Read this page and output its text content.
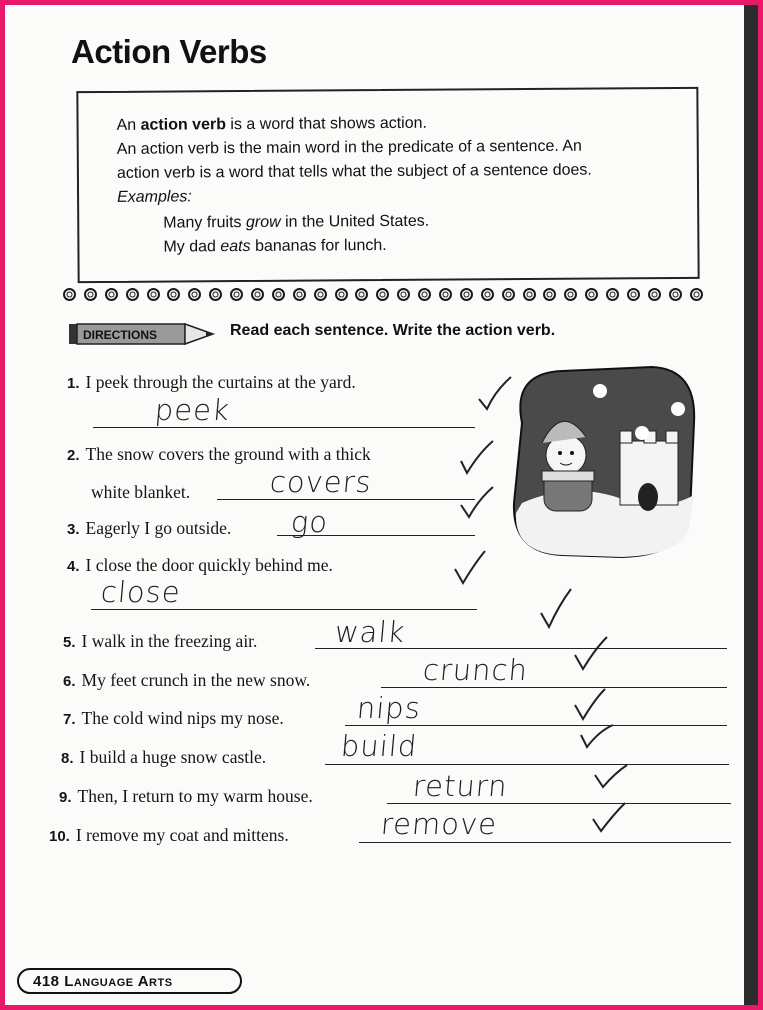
Action Verbs
An action verb is a word that shows action.
An action verb is the main word in the predicate of a sentence. An
action verb is a word that tells what the subject of a sentence does.
Examples:
Many fruits grow in the United States.
My dad eats bananas for lunch.
DIRECTIONS	Read each sentence. Write the action verb.
1. I peek through the curtains at the yard.
peek
2. The snow covers the ground with a thick
white blanket.	covers
3. Eagerly I go outside. go
4. I close the door quickly behind me.
close
5. I walk in the freezing air.	walk
6. My feet crunch in the new snow.	crunch
7. The cold wind nips my nose. nips
8. I build a huge snow castle.	build
9. Then, I return to my warm house.	return
10. I remove my coat and mittens.	remove
418
Language Arts
